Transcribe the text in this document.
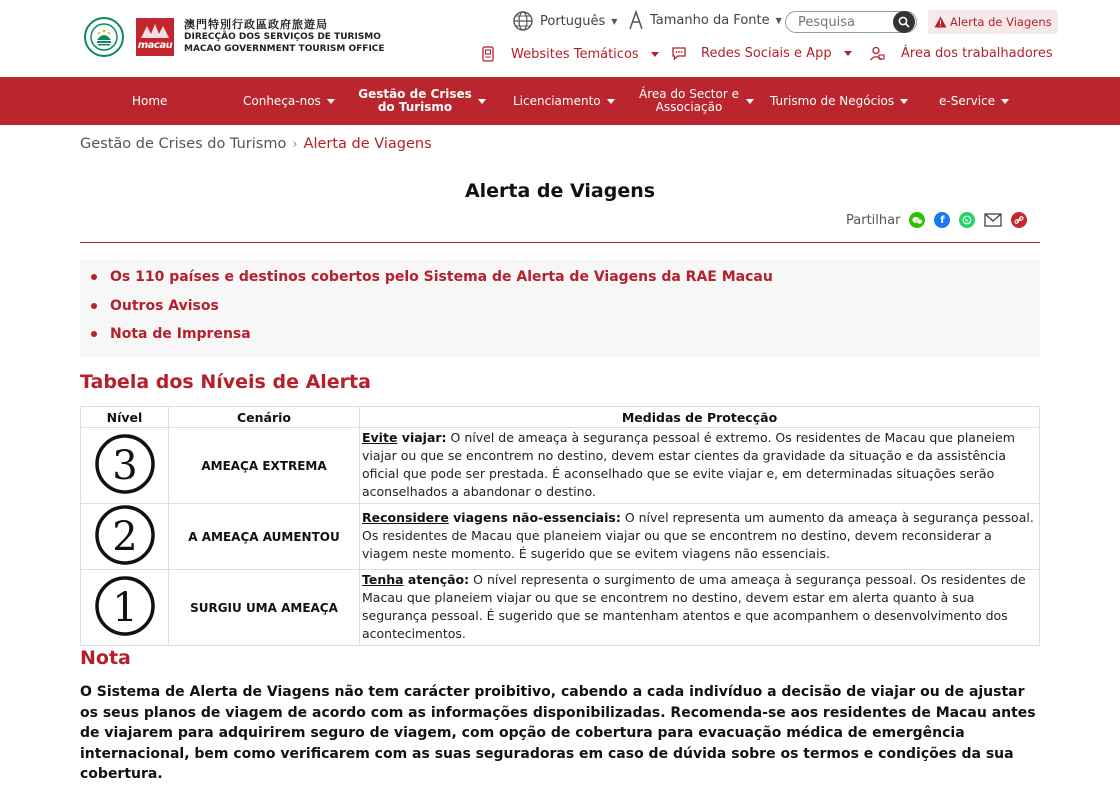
macau
澳門特別行政區政府旅遊局
DIRECÇÃO DOS SERVIÇOS DE TURISMO
MACAO GOVERNMENT TOURISM OFFICE
Português ▼	Tamanho da Fonte ▼
Pesquisa	Alerta de Viagens
Websites Temáticos	Redes Sociais e App	Área dos trabalhadores
Home	Conheça-nos	Gestão de Crises do Turismo	Licenciamento	Área do Sector e Associação	Turismo de Negócios	e-Service
Gestão de Crises do Turismo › Alerta de Viagens
Alerta de Viagens
Partilhar	f
Os 110 países e destinos cobertos pelo Sistema de Alerta de Viagens da RAE Macau
Outros Avisos
Nota de Imprensa
Tabela dos Níveis de Alerta
Nível	Cenário	Medidas de Protecção

3	AMEAÇA EXTREMA	Evite viajar: O nível de ameaça à segurança pessoal é extremo. Os residentes de Macau que planeiem viajar ou que se encontrem no destino, devem estar cientes da gravidade da situação e da assistência oficial que pode ser prestada. É aconselhado que se evite viajar e, em determinadas situações serão aconselhados a abandonar o destino.

2	A AMEAÇA AUMENTOU	Reconsidere viagens não-essenciais: O nível representa um aumento da ameaça à segurança pessoal. Os residentes de Macau que planeiem viajar ou que se encontrem no destino, devem reconsiderar a viagem neste momento. É sugerido que se evitem viagens não essenciais.

1	SURGIU UMA AMEAÇA	Tenha atenção: O nível representa o surgimento de uma ameaça à segurança pessoal. Os residentes de Macau que planeiem viajar ou que se encontrem no destino, devem estar em alerta quanto à sua segurança pessoal. É sugerido que se mantenham atentos e que acompanhem o desenvolvimento dos acontecimentos.
Nota
O Sistema de Alerta de Viagens não tem carácter proibitivo, cabendo a cada indivíduo a decisão de viajar ou de ajustar os seus planos de viagem de acordo com as informações disponibilizadas. Recomenda-se aos residentes de Macau antes de viajarem para adquirirem seguro de viagem, com opção de cobertura para evacuação médica de emergência internacional, bem como verificarem com as suas seguradoras em caso de dúvida sobre os termos e condições da sua cobertura.
